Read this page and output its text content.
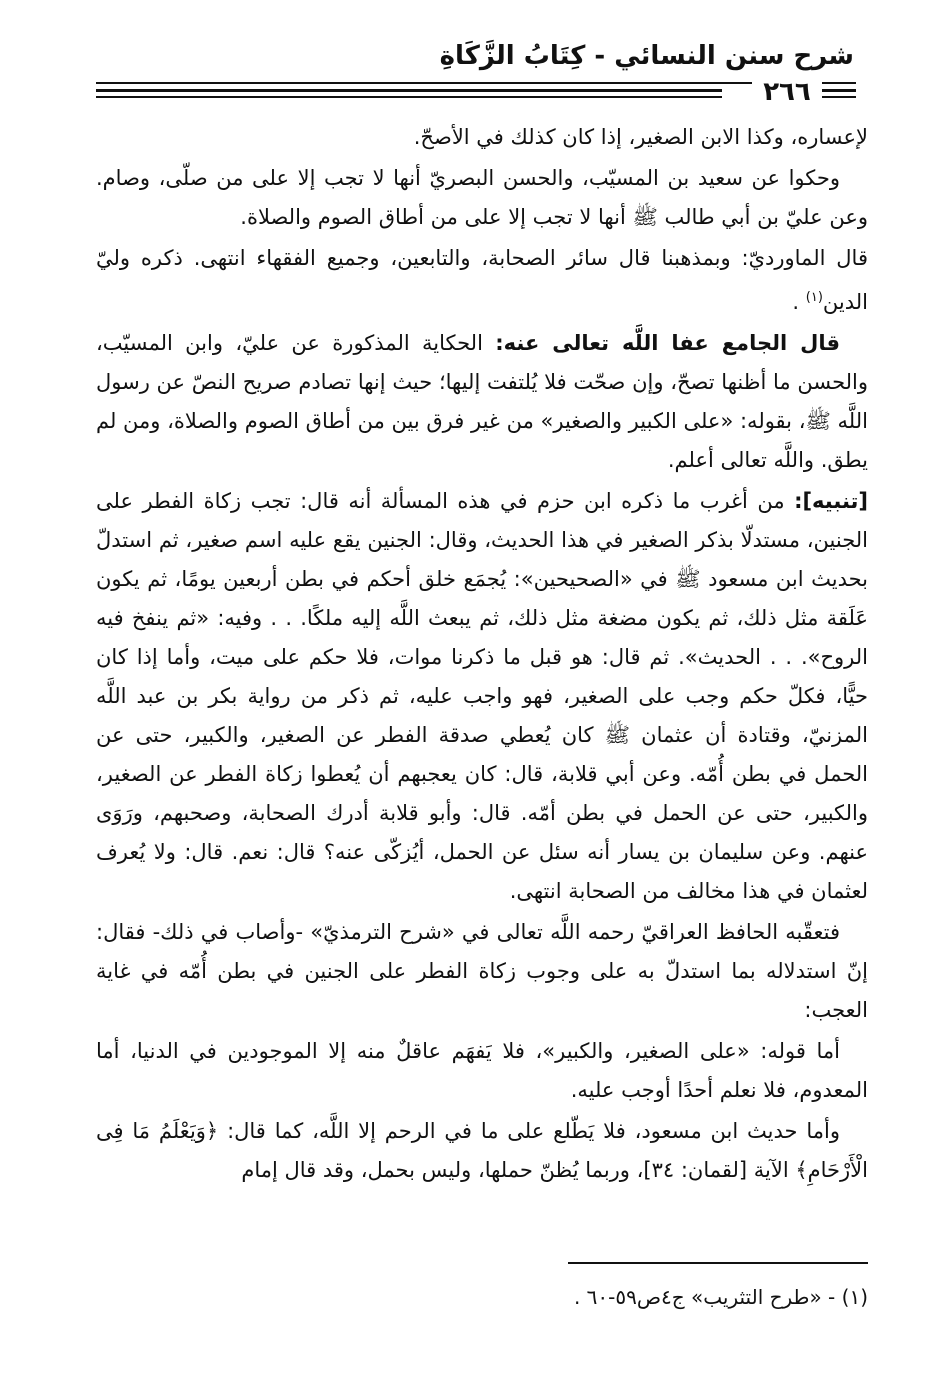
شرح سنن النسائي - كِتَابُ الزَّكَاةِ
٢٦٦

لإعساره، وكذا الابن الصغير، إذا كان كذلك في الأصحّ.

وحكوا عن سعيد بن المسيّب، والحسن البصريّ أنها لا تجب إلا على من صلّى، وصام. وعن عليّ بن أبي طالب ﷺ أنها لا تجب إلا على من أطاق الصوم والصلاة.

قال الماورديّ: وبمذهبنا قال سائر الصحابة، والتابعين، وجميع الفقهاء انتهى. ذكره وليّ الدين$^{(١)}$ .

قال الجامع عفا اللَّه تعالى عنه: الحكاية المذكورة عن عليّ، وابن المسيّب، والحسن ما أظنها تصحّ، وإن صحّت فلا يُلتفت إليها؛ حيث إنها تصادم صريح النصّ عن رسول اللَّه ﷺ، بقوله: «على الكبير والصغير» من غير فرق بين من أطاق الصوم والصلاة، ومن لم يطق. واللَّه تعالى أعلم.

[تنبيه]: من أغرب ما ذكره ابن حزم في هذه المسألة أنه قال: تجب زكاة الفطر على الجنين، مستدلّا بذكر الصغير في هذا الحديث، وقال: الجنين يقع عليه اسم صغير، ثم استدلّ بحديث ابن مسعود ﷺ في «الصحيحين»: يُجمَع خلق أحكم في بطن أربعين يومًا، ثم يكون عَلَقة مثل ذلك، ثم يكون مضغة مثل ذلك، ثم يبعث اللَّه إليه ملكًا. . . وفيه: «ثم ينفخ فيه الروح». . . الحديث». ثم قال: هو قبل ما ذكرنا موات، فلا حكم على ميت، وأما إذا كان حيًّا، فكلّ حكم وجب على الصغير، فهو واجب عليه، ثم ذكر من رواية بكر بن عبد اللَّه المزنيّ، وقتادة أن عثمان ﷺ كان يُعطي صدقة الفطر عن الصغير، والكبير، حتى عن الحمل في بطن أُمّه. وعن أبي قلابة، قال: كان يعجبهم أن يُعطوا زكاة الفطر عن الصغير، والكبير، حتى عن الحمل في بطن أمّه. قال: وأبو قلابة أدرك الصحابة، وصحبهم، ورَوَى عنهم. وعن سليمان بن يسار أنه سئل عن الحمل، أيُزكّى عنه؟ قال: نعم. قال: ولا يُعرف لعثمان في هذا مخالف من الصحابة انتهى.

فتعقّبه الحافظ العراقيّ رحمه اللَّه تعالى في «شرح الترمذيّ» -وأصاب في ذلك- فقال: إنّ استدلاله بما استدلّ به على وجوب زكاة الفطر على الجنين في بطن أُمّه في غاية العجب:

أما قوله: «على الصغير، والكبير»، فلا يَفهَم عاقلٌ منه إلا الموجودين في الدنيا، أما المعدوم، فلا نعلم أحدًا أوجب عليه.

وأما حديث ابن مسعود، فلا يَطّلع على ما في الرحم إلا اللَّه، كما قال: ﴿وَيَعْلَمُ مَا فِى الْأَرْحَامِ﴾ الآية [لقمان: ٣٤]، وربما يُظنّ حملها، وليس بحمل، وقد قال إمام

(١) - «طرح التثريب» ج٤ص٥٩-٦٠ .
